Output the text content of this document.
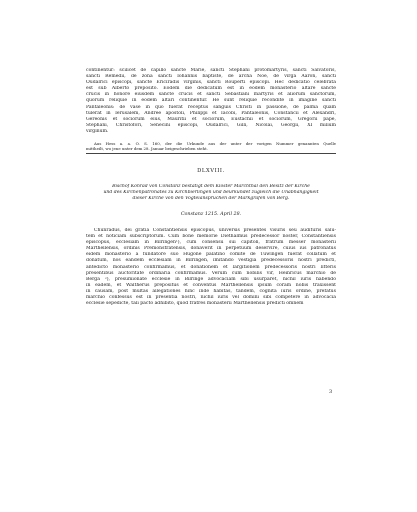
continentur: scilicet de capillo sancte Marie, sancti Stephani protomartyris, sancti Salvatoris,
sancti Remedii, de zona sancti Iohannis baptiste, de archa Noe, de virga Aaron, sancti
Oudalrici episcopi, sancte Ericiradis virginis, sancti Rouperti episcopi. Hec dedicatio celebrata
est sub Alberto preposito. Eodem die dedicatum est in eodem monasterio altare sancte
crucis in honore eiusdem sancte crucis et sancti Sebastiani martyris et aliorum sanctorum,
quorum reliquie in eodem altari continentur. He sunt reliquie recondite in imagine sancti
Pantaleonis: de vase in quo fuerat receptus sanguis Christi in passione, de palma quam
tulerat in Ierusalem, Andree apostoli, Philippi et Iacobi, Pantaleonis, Constancii et Alexandri,
Gereonis et sociorum eius, Mauritii et sociorum, Eustachii et sociorum, Gregorii pape,
Stephani, Christofori, Senecini episcopi, Oudalrici, Gilli, Nicolai, Georgii, XI milium
virginum.
Aus Hess a. a. O. S. 160, der die Urkunde aus der unter der vorigen Nummer genannten Quelle
mittheilt, wo jene unter dem 28. Januar beigeschrieben steht.
DLXVIII.
Bischof Konrad von Constanz bestätigt dem Kloster Marchthal den Besitz der Kirche
und des Kirchenpatronates zu Kirchbierlingen und beurkundet zugleich die Unabhängigkeit
dieser Kirche von den Vogteiansprüchen der Markgrafen von Berg.
Constanz 1215. April 28.
Chunradus, dei gratia Constantiensis episcopus, universis presentes visuris seu audituris salu-
tem et noticiam subscriptorum. Cum bone memorie Diethalmus predecessor noster, Constantiensis
episcopus, ecclesiam in Bilringen¹), cum consensu sui capitoli, fratrum messer monasterii
Marthellensis, ordinis Premonstratensis, donaverit in perpetuum deservire, cuius ius patronatus
eidem monasterio a fundatore suo Hugone palatino comite de Tuwingen fuerat collatum et
donatum, nos eandem ecclesiam in Bilringen, imitando vestigia predecessoris nostri predicti,
antedicto monasterio confirmamus, et donationem et largitionem predecessoris nostri litteris
presentibus auctoritate ordinaria confirmamus. Verum cum nobilis vir, Heinricus marchio de
Berga ²), presumionate ecclesie in Bilringe advocaciam sibi usurparet, nichil iuris habendo
in eadem, et Waltherus prepositus et conventus Marthellensis ipsum coram nobis traxissent
in causam, post multas allegationes hinc inde habitas, tandem, cognita iuris ordine, prefatus
marchio confessus est in presentia nostri, nichil iuris vel domini sibi competere in advocacia
ecclesie sepedicte, tali pacto adhibito, quod fratres monasterii Marthellensis predicti omnem
3
